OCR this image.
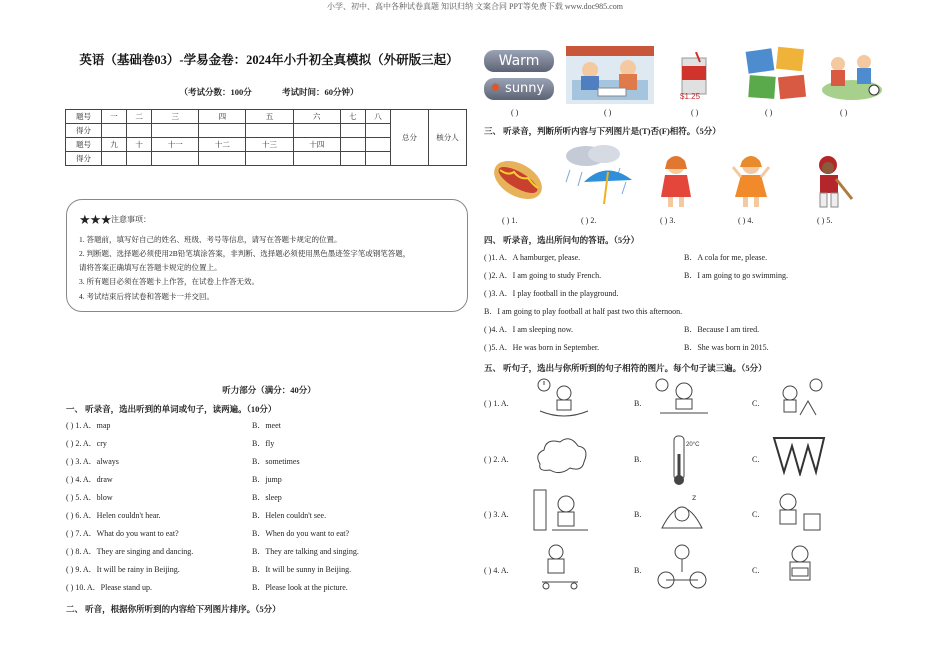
小学、初中、高中各种试卷真题 知识归纳 文案合同 PPT等免费下载 www.doc985.com
英语（基础卷03）-学易金卷：2024年小升初全真模拟（外研版三起）
（考试分数：100分	考试时间：60分钟）
题号	一	二	三	四	五	六	七	八	总分	核分人
得分										
题号	九	十	十一	十二	十三	十四				
得分										
★★★注意事项：
1. 答题前，填写好自己的姓名、班级、考号等信息，请写在答题卡规定的位置。
2. 判断题、选择题必须使用2B铅笔填涂答案，非判断、选择题必须使用黑色墨迹签字笔或钢笔答题，
请将答案正确填写在答题卡规定的位置上。
3. 所有题目必须在答题卡上作答，在试卷上作答无效。
4. 考试结束后将试卷和答题卡一并交回。
听力部分（满分：40分）
一、 听录音，选出听到的单词或句子，读两遍。（10分）
( ) 1. A．map	B．meet
( ) 2. A．cry	B．fly
( ) 3. A．always	B．sometimes
( ) 4. A．draw	B．jump
( ) 5. A．blow	B．sleep
( ) 6. A．Helen couldn't hear.	B．Helen couldn't see.
( ) 7. A．What do you want to eat?	B．When do you want to eat?
( ) 8. A．They are singing and dancing.	B．They are talking and singing.
( ) 9. A．It will be rainy in Beijing.	B．It will be sunny in Beijing.
( ) 10. A．Please stand up.	B．Please look at the picture.
二、 听音，根据你所听到的内容给下列图片排序。（5分）
Warm
✹ sunny
$1.25
( )	( )	( )	( )	( )
三、 听录音，判断所听内容与下列图片是(T)否(F)相符。（5分）
( ) 1.	( ) 2.	( ) 3.	( ) 4.	( ) 5.
四、 听录音，选出所问句的答语。（5分）
( )1. A．A hamburger, please.	B．A cola for me, please.
( )2. A．I am going to study French.	B．I am going to go swimming.
( )3. A．I play football in the playground.
B．I am going to play football at half past two this afternoon.
( )4. A．I am sleeping now.	B．Because I am tired.
( )5. A．He was born in September.	B．She was born in 2015.
五、 听句子，选出与你所听到的句子相符的图片。每个句子读三遍。（5分）
( ) 1. A.	B.	C.
( ) 2. A.	B.
20°C
C.
( ) 3. A.	B.
z
C.
( ) 4. A.	B.	C.
